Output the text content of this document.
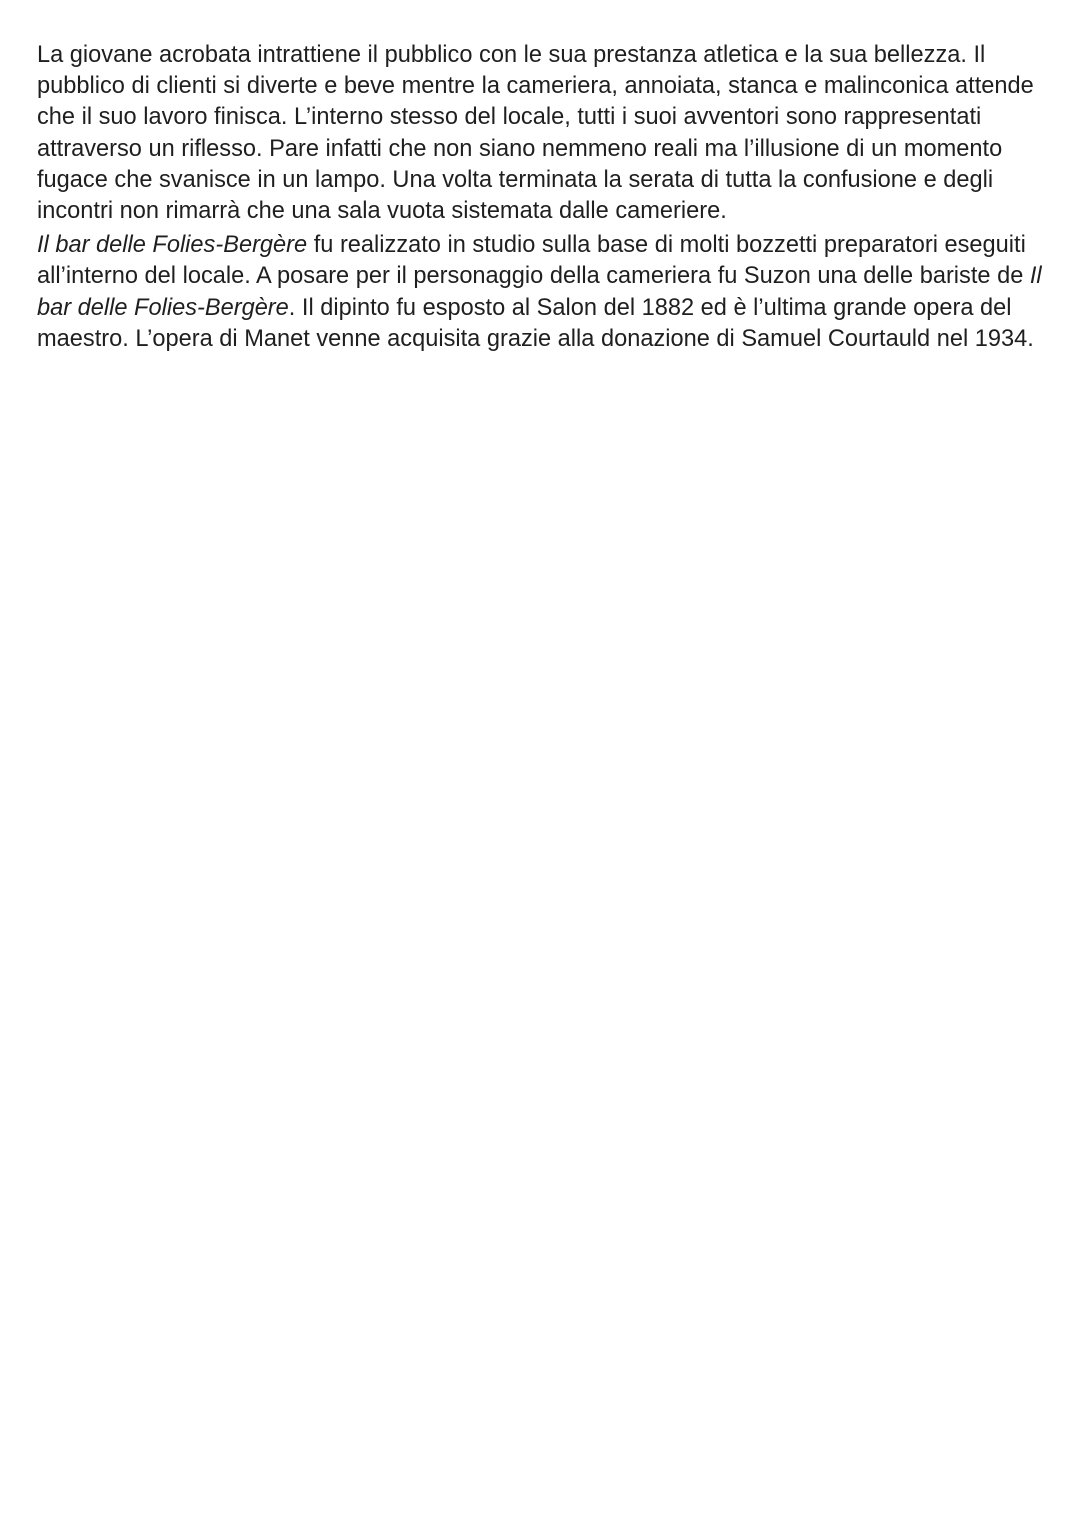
La giovane acrobata intrattiene il pubblico con le sua prestanza atletica e la sua bellezza. Il pubblico di clienti si diverte e beve mentre la cameriera, annoiata, stanca e malinconica attende che il suo lavoro finisca. L’interno stesso del locale, tutti i suoi avventori sono rappresentati attraverso un riflesso. Pare infatti che non siano nemmeno reali ma l’illusione di un momento fugace che svanisce in un lampo. Una volta terminata la serata di tutta la confusione e degli incontri non rimarrà che una sala vuota sistemata dalle cameriere.

Il bar delle Folies-Bergère fu realizzato in studio sulla base di molti bozzetti preparatori eseguiti all’interno del locale. A posare per il personaggio della cameriera fu Suzon una delle bariste de Il bar delle Folies-Bergère. Il dipinto fu esposto al Salon del 1882 ed è l’ultima grande opera del maestro. L’opera di Manet venne acquisita grazie alla donazione di Samuel Courtauld nel 1934.
